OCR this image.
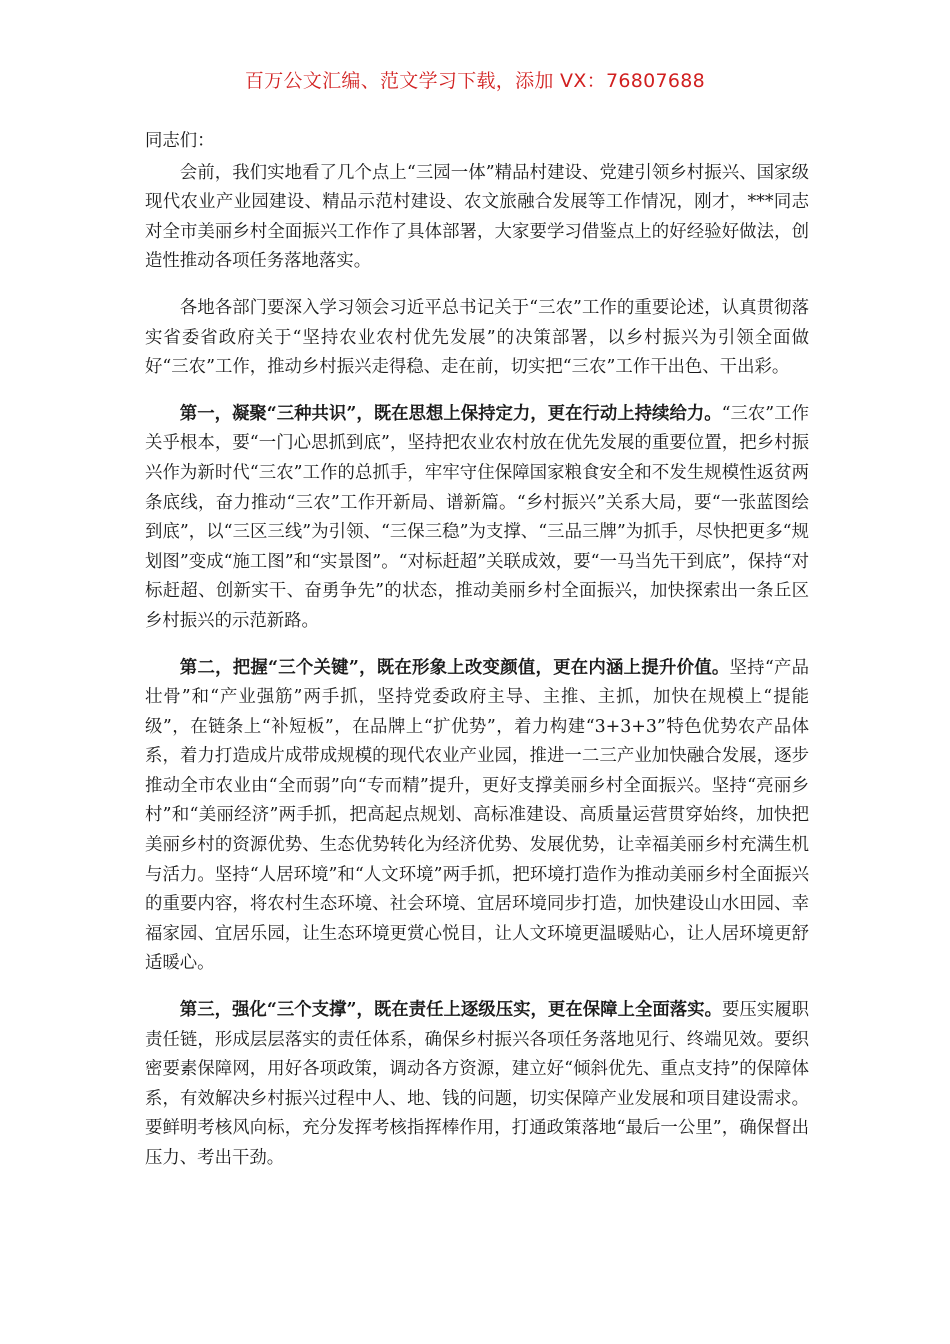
百万公文汇编、范文学习下载，添加 VX：76807688

同志们：

会前，我们实地看了几个点上“三园一体”精品村建设、党建引领乡村振兴、国家级现代农业产业园建设、精品示范村建设、农文旅融合发展等工作情况，刚才，***同志对全市美丽乡村全面振兴工作作了具体部署，大家要学习借鉴点上的好经验好做法，创造性推动各项任务落地落实。

各地各部门要深入学习领会习近平总书记关于“三农”工作的重要论述，认真贯彻落实省委省政府关于“坚持农业农村优先发展”的决策部署，以乡村振兴为引领全面做好“三农”工作，推动乡村振兴走得稳、走在前，切实把“三农”工作干出色、干出彩。

第一，凝聚“三种共识”，既在思想上保持定力，更在行动上持续给力。“三农”工作关乎根本，要“一门心思抓到底”，坚持把农业农村放在优先发展的重要位置，把乡村振兴作为新时代“三农”工作的总抓手，牢牢守住保障国家粮食安全和不发生规模性返贫两条底线，奋力推动“三农”工作开新局、谱新篇。“乡村振兴”关系大局，要“一张蓝图绘到底”，以“三区三线”为引领、“三保三稳”为支撑、“三品三牌”为抓手，尽快把更多“规划图”变成“施工图”和“实景图”。“对标赶超”关联成效，要“一马当先干到底”，保持“对标赶超、创新实干、奋勇争先”的状态，推动美丽乡村全面振兴，加快探索出一条丘区乡村振兴的示范新路。

第二，把握“三个关键”，既在形象上改变颜值，更在内涵上提升价值。坚持“产品壮骨”和“产业强筋”两手抓，坚持党委政府主导、主推、主抓，加快在规模上“提能级”，在链条上“补短板”，在品牌上“扩优势”，着力构建“3+3+3”特色优势农产品体系，着力打造成片成带成规模的现代农业产业园，推进一二三产业加快融合发展，逐步推动全市农业由“全而弱”向“专而精”提升，更好支撑美丽乡村全面振兴。坚持“亮丽乡村”和“美丽经济”两手抓，把高起点规划、高标准建设、高质量运营贯穿始终，加快把美丽乡村的资源优势、生态优势转化为经济优势、发展优势，让幸福美丽乡村充满生机与活力。坚持“人居环境”和“人文环境”两手抓，把环境打造作为推动美丽乡村全面振兴的重要内容，将农村生态环境、社会环境、宜居环境同步打造，加快建设山水田园、幸福家园、宜居乐园，让生态环境更赏心悦目，让人文环境更温暖贴心，让人居环境更舒适暖心。

第三，强化“三个支撑”，既在责任上逐级压实，更在保障上全面落实。要压实履职责任链，形成层层落实的责任体系，确保乡村振兴各项任务落地见行、终端见效。要织密要素保障网，用好各项政策，调动各方资源，建立好“倾斜优先、重点支持”的保障体系，有效解决乡村振兴过程中人、地、钱的问题，切实保障产业发展和项目建设需求。要鲜明考核风向标，充分发挥考核指挥棒作用，打通政策落地“最后一公里”，确保督出压力、考出干劲。
